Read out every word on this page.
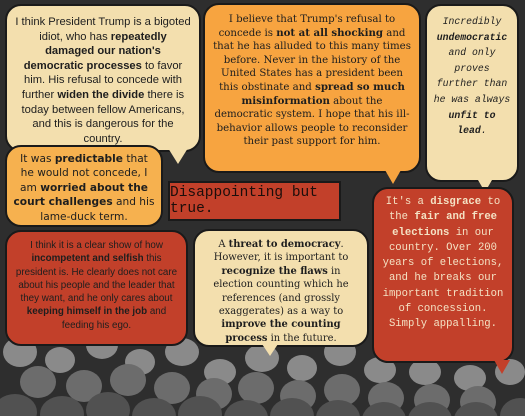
I think President Trump is a bigoted idiot, who has repeatedly damaged our nation's democratic processes to favor him. His refusal to concede with further widen the divide there is today between fellow Americans, and this is dangerous for the country.

I believe that Trump's refusal to concede is not at all shocking and that he has alluded to this many times before. Never in the history of the United States has a president been this obstinate and spread so much misinformation about the democratic system. I hope that his ill-behavior allows people to reconsider their past support for him.

Incredibly undemocratic and only proves further than he was always unfit to lead.

It was predictable that he would not concede, I am worried about the court challenges and his lame-duck term.

Disappointing but true.

I think it is a clear show of how incompetent and selfish this president is. He clearly does not care about his people and the leader that they want, and he only cares about keeping himself in the job and feeding his ego.

A threat to democracy. However, it is important to recognize the flaws in election counting which he references (and grossly exaggerates) as a way to improve the counting process in the future.

It's a disgrace to the fair and free elections in our country. Over 200 years of elections, and he breaks our important tradition of concession. Simply appalling.
